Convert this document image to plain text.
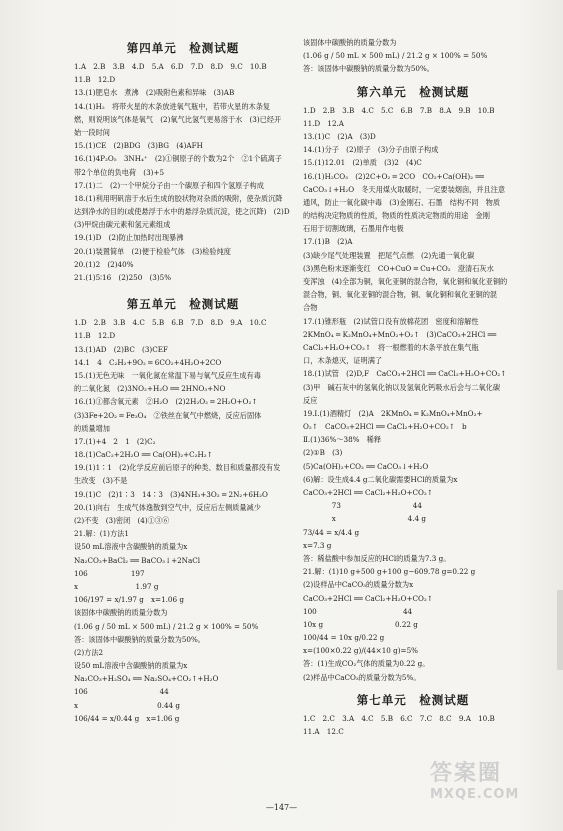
第四单元　检测试题
1.A　2.B　3.B　4.D　5.A　6.D　7.D　8.D　9.C　10.B
11.B　12.D
13.(1)肥皂水　煮沸　(2)吸附色素和异味　(3)AB
14.(1)H₂　将带火星的木条放进氧气瓶中，若带火星的木条复
燃，则说明该气体是氧气　(2)氧气比氢气更易溶于水　(3)已经开
始一段时间
15.(1)CE　(2)BDG　(3)BG　(4)AFH
16.(1)4P₂O₅　3NH₄⁺　(2)①铜原子的个数为2个　②1个硫离子
带2个单位的负电荷　(3)+5
17.(1)二　(2)一个甲烷分子由一个碳原子和四个氢原子构成
18.(1)利用明矾溶于水后生成的胶状物对杂质的吸附，使杂质沉降
达到净水的目的(或使悬浮于水中的悬浮杂质沉淀，使之沉降)　(2)D
(3)甲烷由碳元素和氢元素组成
19.(1)D　(2)防止加热时出现暴沸
20.(1)装置简单　(2)便于检验气体　(3)检验纯度
20.(1)2　(2)40%
21.(1)5∶16　(2)250　(3)5%
第五单元　检测试题
1.D　2.B　3.B　4.C　5.B　6.B　7.D　8.D　9.A　10.C
11.B　12.D
13.(1)AD　(2)BC　(3)CEF
14.1　4　C₂H₂+9O₂ ═ 6CO₂+4H₂O+2CO
15.(1)无色无味　一氧化氮在常温下易与氧气反应生成有毒
的二氧化氮　(2)3NO₂+H₂O ══ 2HNO₃+NO
16.(1)①都含氧元素　②H₂O　(2)2H₂O₂ ═ 2H₂O+O₂↑
(3)3Fe+2O₂ ═ Fe₃O₄　②铁丝在氧气中燃烧，反应后固体
的质量增加
17.(1)+4　2　1　(2)C₂
18.(1)CaC₂+2H₂O ══ Ca(OH)₂+C₂H₂↑
19.(1)1∶1　(2)化学反应前后原子的种类、数目和质量都没有发
生改变　(3)不是
19.(1)C　(2)1∶3　14∶3　(3)4NH₃+3O₂ ═ 2N₂+6H₂O
20.(1)向右　生成气体逸散到空气中，反应后左侧质量减少
(2)不变　(3)密闭　(4)①③⑥
21.解：(1)方法1
设50 mL溶液中含碳酸钠的质量为x
Na₂CO₃+BaCl₂ ══ BaCO₃↓+2NaCl
106　　　　　　197
x　　　　　　　　1.97 g
106/197 = x/1.97 g　x=1.06 g
该固体中碳酸钠的质量分数为
(1.06 g / 50 mL × 500 mL) / 21.2 g × 100% = 50%
答：该固体中碳酸钠的质量分数为50%。
(2)方法2
设50 mL溶液中含碳酸钠的质量为x
Na₂CO₃+H₂SO₄ ══ Na₂SO₄+CO₂↑+H₂O
106　　　　　　　　　　44
x　　　　　　　　　　　0.44 g
106/44 = x/0.44 g　x=1.06 g
该固体中碳酸钠的质量分数为
(1.06 g / 50 mL × 500 mL) / 21.2 g × 100% = 50%
答：该固体中碳酸钠的质量分数为50%。
第六单元　检测试题
1.D　2.B　3.B　4.C　5.C　6.B　7.B　8.A　9.B　10.B
11.D　12.A
13.(1)C　(2)A　(3)D
14.(1)分子　(2)原子　(3)分子由原子构成
15.(1)12.01　(2)单质　(3)2　(4)C
16.(1)H₂CO₃　(2)2C+O₂ ═ 2CO　CO₂+Ca(OH)₂ ══
CaCO₃↓+H₂O　冬天用煤火取暖时，一定要装烟囱，并且注意
通风，防止一氧化碳中毒　(3)金刚石、石墨　结构不同　物质
的结构决定物质的性质，物质的性质决定物质的用途　金刚
石用于切割玻璃，石墨用作电极
17.(1)B　(2)A
(3)缺少尾气处理装置　把尾气点燃　(2)先通一氧化碳
(3)黑色粉末逐渐变红　CO+CuO ═ Cu+CO₂　澄清石灰水
变浑浊　(4)全部为铜，氧化亚铜的混合物，氧化铜和氧化亚铜的
混合物，铜、氧化亚铜的混合物，铜、氧化铜和氧化亚铜的混
合物
17.(1)锥形瓶　(2)试管口没有放棉花团　密度和溶解性
2KMnO₄ ═ K₂MnO₄+MnO₂+O₂↑　(3)CaCO₃+2HCl ══
CaCl₂+H₂O+CO₂↑　将一根燃着的木条平放在集气瓶
口，木条熄灭，证明满了
18.(1)试管　(2)D,F　CaCO₃+2HCl ══ CaCl₂+H₂O+CO₂↑
(3)甲　碱石灰中的氢氧化钠以及氢氧化钙吸水后会与二氧化碳
反应
19.Ⅰ.(1)酒精灯　(2)A　2KMnO₄ ═ K₂MnO₄+MnO₂+
O₂↑　CaCO₃+2HCl ══ CaCl₂+H₂O+CO₂↑　b
Ⅱ.(1)36%～38%　稀释
(2)①B　(3)
(5)Ca(OH)₂+CO₂ ══ CaCO₃↓+H₂O
(6)解：设生成4.4 g二氧化碳需要HCl的质量为x
CaCO₃+2HCl ══ CaCl₂+H₂O+CO₂↑
　　　　73　　　　　　　　　　44
　　　　x　　　　　　　　　　4.4 g
73/44 = x/4.4 g
x=7.3 g
答：稀盐酸中参加反应的HCl的质量为7.3 g。
21.解：(1)10 g+500 g+100 g−609.78 g=0.22 g
(2)设样品中CaCO₃的质量分数为x
CaCO₃+2HCl ══ CaCl₂+H₂O+CO₂↑
100　　　　　　　　　　　　44
10x g　　　　　　　　　　0.22 g
100/44 = 10x g/0.22 g
x=(100×0.22 g)/(44×10 g)=5%
答：(1)生成CO₂气体的质量为0.22 g。
(2)样品中CaCO₃的质量分数为5%。
第七单元　检测试题
1.C　2.C　3.A　4.C　5.B　6.C　7.C　8.C　9.A　10.B
11.A　12.C
—147—
答案圈
MXQE.COM
